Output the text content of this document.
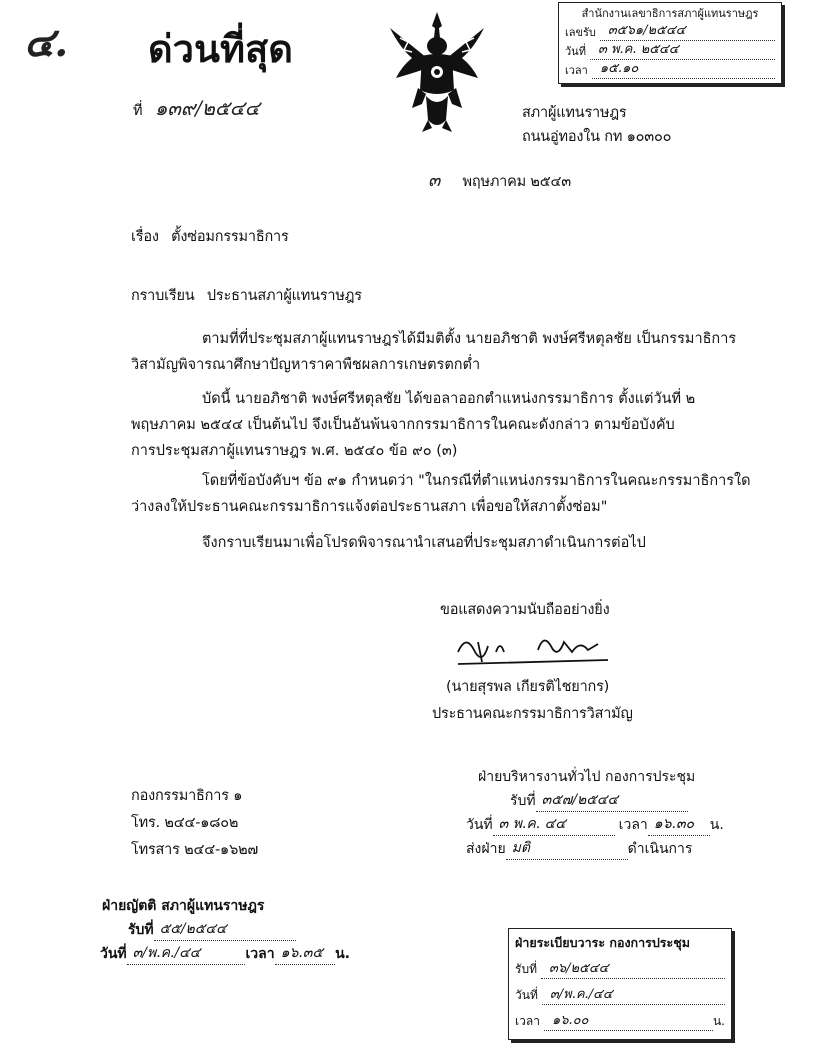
๔. ด่วนที่สุด
ที่ ๑๓๙/๒๕๔๔	สภาผู้แทนราษฎร
ถนนอู่ทองใน กท ๑๐๓๐๐
๓ พฤษภาคม ๒๕๔๓
เรื่อง ตั้งซ่อมกรรมาธิการ
กราบเรียน ประธานสภาผู้แทนราษฎร
ตามที่ที่ประชุมสภาผู้แทนราษฎรได้มีมติตั้ง นายอภิชาติ พงษ์ศรีหตุลชัย เป็นกรรมาธิการ
วิสามัญพิจารณาศึกษาปัญหาราคาพืชผลการเกษตรตกต่ำ
บัดนี้ นายอภิชาติ พงษ์ศรีหตุลชัย ได้ขอลาออกตำแหน่งกรรมาธิการ ตั้งแต่วันที่ ๒
พฤษภาคม ๒๕๔๔ เป็นต้นไป จึงเป็นอันพ้นจากกรรมาธิการในคณะดังกล่าว ตามข้อบังคับ
การประชุมสภาผู้แทนราษฎร พ.ศ. ๒๕๔๐ ข้อ ๙๐ (๓)
โดยที่ข้อบังคับฯ ข้อ ๙๑ กำหนดว่า "ในกรณีที่ตำแหน่งกรรมาธิการในคณะกรรมาธิการใด
ว่างลงให้ประธานคณะกรรมาธิการแจ้งต่อประธานสภา เพื่อขอให้สภาตั้งซ่อม"
จึงกราบเรียนมาเพื่อโปรดพิจารณานำเสนอที่ประชุมสภาดำเนินการต่อไป
ขอแสดงความนับถืออย่างยิ่ง
(นายสุรพล เกียรติไชยากร)
ประธานคณะกรรมาธิการวิสามัญ
กองกรรมาธิการ ๑
โทร. ๒๔๔-๑๘๐๒
โทรสาร ๒๔๔-๑๖๒๗
สำนักงานเลขาธิการสภาผู้แทนราษฎร
เลขรับ ๓๕๖๑/๒๕๔๔
วันที่ ๓ พ.ค. ๒๕๔๔
เวลา ๑๕.๑๐
ฝ่ายบริหารงานทั่วไป กองการประชุม
รับที่ ๓๕๗/๒๕๔๔
วันที่ ๓ พ.ค. ๔๔	เวลา ๑๖.๓๐	น.
ส่งฝ่าย มติ	ดำเนินการ
ฝ่ายญัตติ สภาผู้แทนราษฎร
รับที่ ๕๕/๒๕๔๔
วันที่ ๓/พ.ค./๔๔	เวลา ๑๖.๓๕ น.
ฝ่ายระเบียบวาระ กองการประชุม
รับที่ ๓๖/๒๕๔๔
วันที่ ๓/พ.ค./๔๔
เวลา ๑๖.๐๐	น.
